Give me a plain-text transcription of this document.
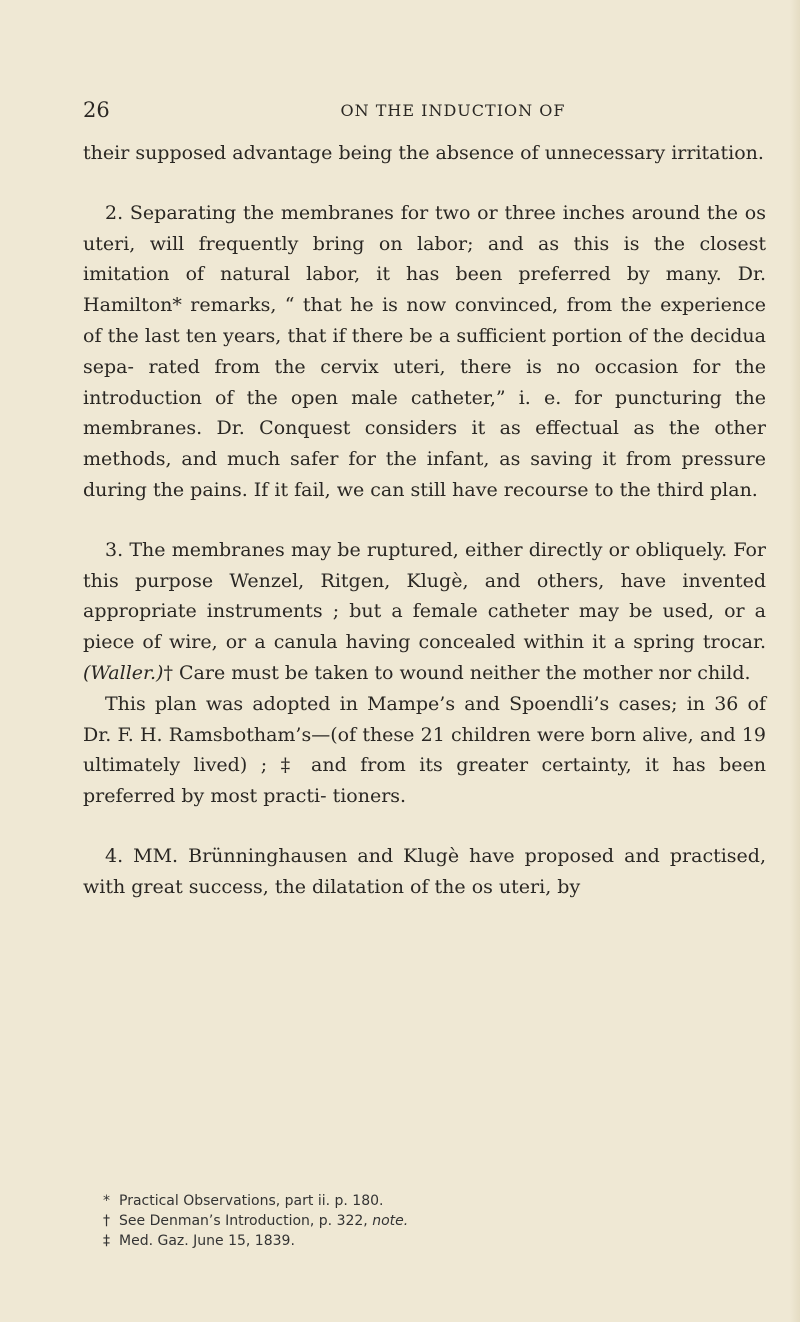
26	ON THE INDUCTION OF

their supposed advantage being the absence of unnecessary irritation.

2. Separating the membranes for two or three inches around the os uteri, will frequently bring on labor; and as this is the closest imitation of natural labor, it has been preferred by many. Dr. Hamilton* remarks, “ that he is now convinced, from the experience of the last ten years, that if there be a sufficient portion of the decidua sepa- rated from the cervix uteri, there is no occasion for the introduction of the open male catheter,” i. e. for puncturing the membranes. Dr. Conquest considers it as effectual as the other methods, and much safer for the infant, as saving it from pressure during the pains. If it fail, we can still have recourse to the third plan.

3. The membranes may be ruptured, either directly or obliquely. For this purpose Wenzel, Ritgen, Klugè, and others, have invented appropriate instruments ; but a female catheter may be used, or a piece of wire, or a canula having concealed within it a spring trocar. (Waller.)† Care must be taken to wound neither the mother nor child.

This plan was adopted in Mampe’s and Spoendli’s cases; in 36 of Dr. F. H. Ramsbotham’s—(of these 21 children were born alive, and 19 ultimately lived) ; ‡ and from its greater certainty, it has been preferred by most practi- tioners.

4. MM. Brünninghausen and Klugè have proposed and practised, with great success, the dilatation of the os uteri, by

* Practical Observations, part ii. p. 180.

† See Denman’s Introduction, p. 322, note.

‡ Med. Gaz. June 15, 1839.
